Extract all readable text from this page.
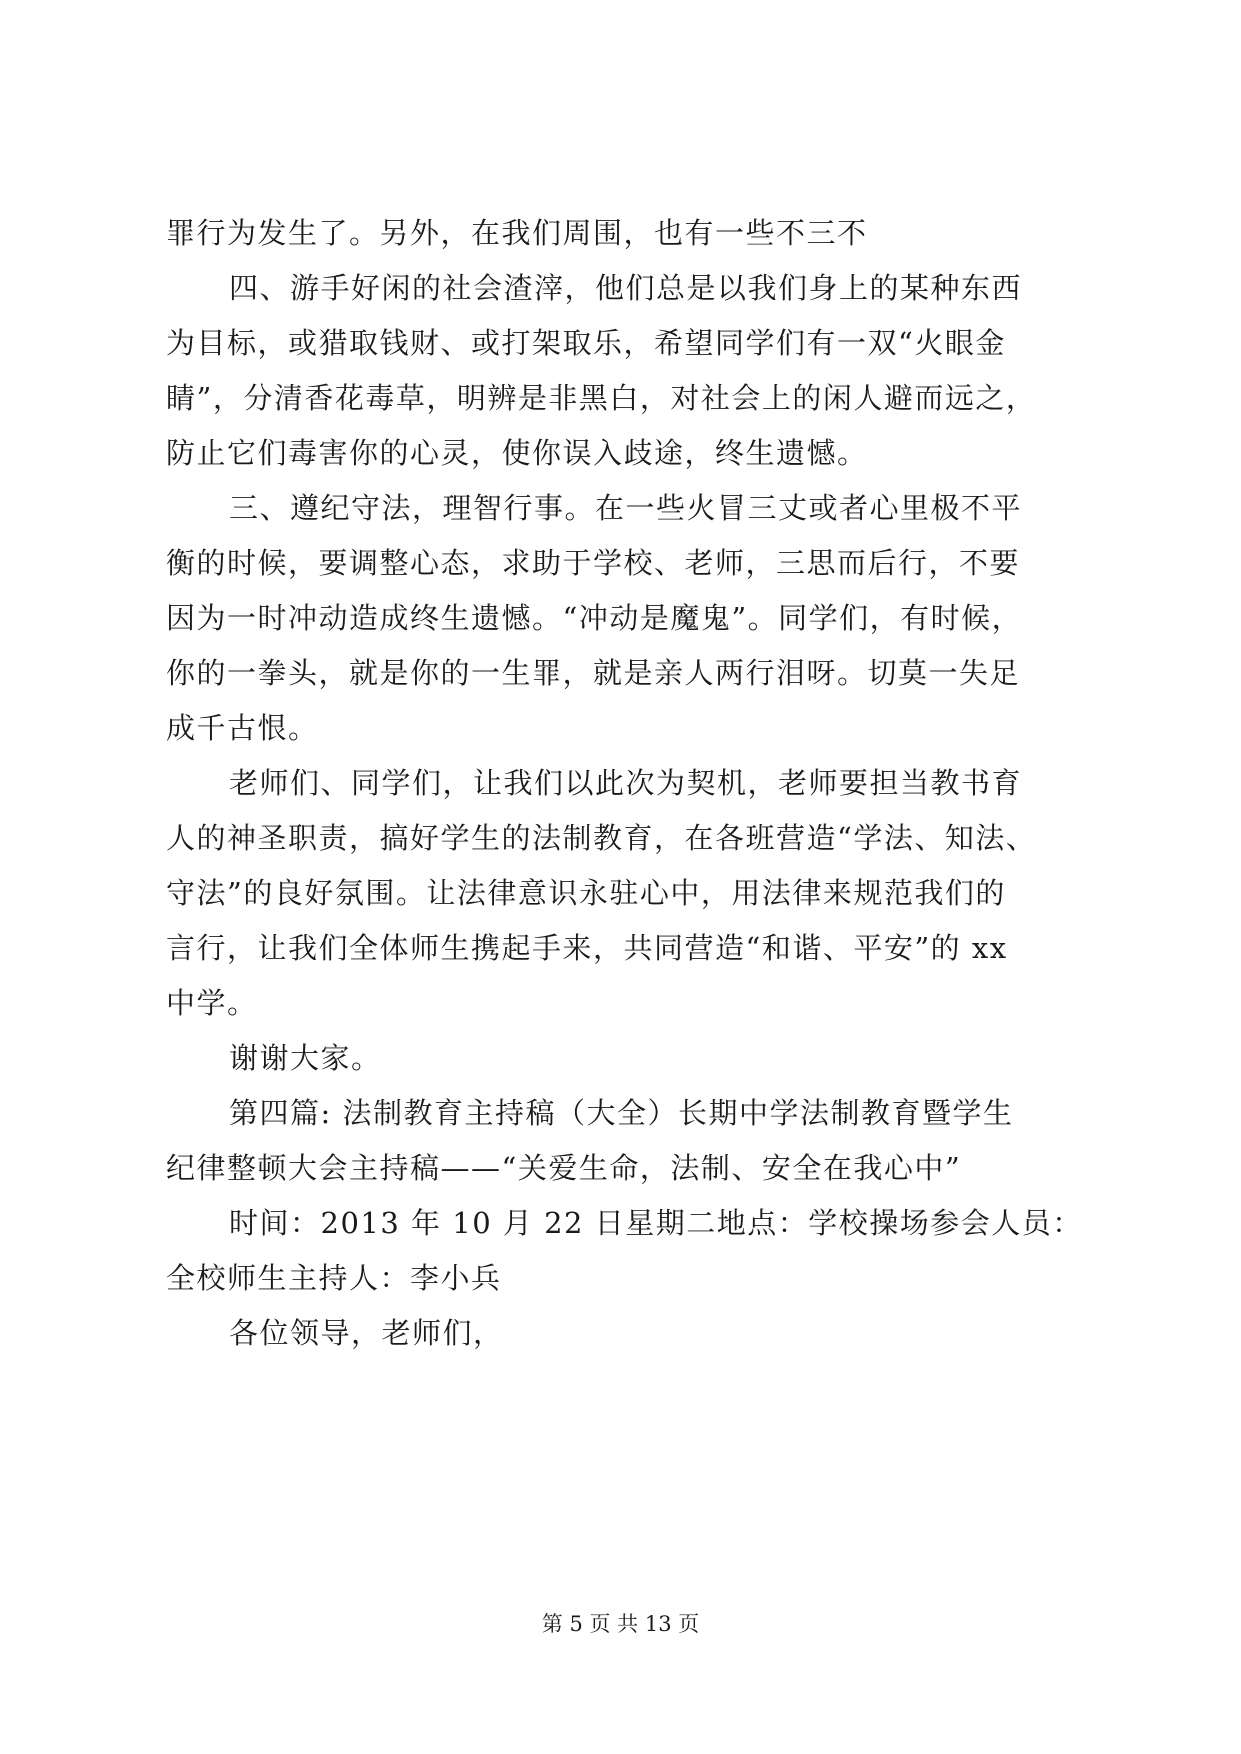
罪行为发生了。另外，在我们周围，也有一些不三不
四、游手好闲的社会渣滓，他们总是以我们身上的某种东西
为目标，或猎取钱财、或打架取乐，希望同学们有一双“火眼金
睛”，分清香花毒草，明辨是非黑白，对社会上的闲人避而远之，
防止它们毒害你的心灵，使你误入歧途，终生遗憾。
三、遵纪守法，理智行事。在一些火冒三丈或者心里极不平
衡的时候，要调整心态，求助于学校、老师，三思而后行，不要
因为一时冲动造成终生遗憾。“冲动是魔鬼”。同学们，有时候，
你的一拳头，就是你的一生罪，就是亲人两行泪呀。切莫一失足
成千古恨。
老师们、同学们，让我们以此次为契机，老师要担当教书育
人的神圣职责，搞好学生的法制教育，在各班营造“学法、知法、
守法”的良好氛围。让法律意识永驻心中，用法律来规范我们的
言行，让我们全体师生携起手来，共同营造“和谐、平安”的 xx
中学。
谢谢大家。
第四篇: 法制教育主持稿（大全）长期中学法制教育暨学生
纪律整顿大会主持稿——“关爱生命，法制、安全在我心中”
时间：2013 年 10 月 22 日星期二地点：学校操场参会人员：
全校师生主持人：李小兵
各位领导，老师们，
第 5 页 共 13 页
